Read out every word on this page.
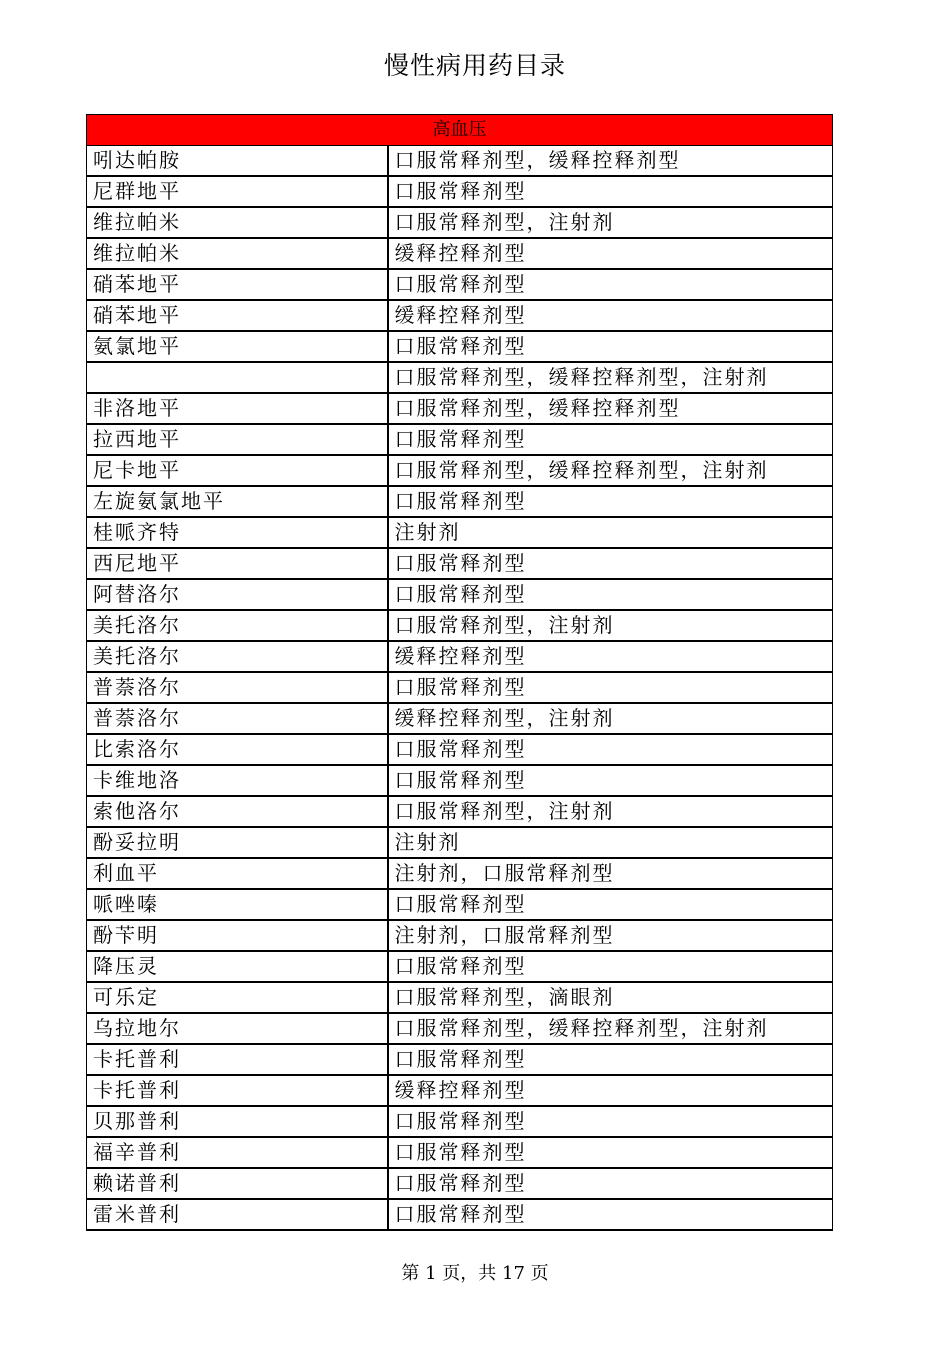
慢性病用药目录
高血压	
吲达帕胺	口服常释剂型，缓释控释剂型
尼群地平	口服常释剂型
维拉帕米	口服常释剂型，注射剂
维拉帕米	缓释控释剂型
硝苯地平	口服常释剂型
硝苯地平	缓释控释剂型
氨氯地平	口服常释剂型
	口服常释剂型，缓释控释剂型，注射剂
非洛地平	口服常释剂型，缓释控释剂型
拉西地平	口服常释剂型
尼卡地平	口服常释剂型，缓释控释剂型，注射剂
左旋氨氯地平	口服常释剂型
桂哌齐特	注射剂
西尼地平	口服常释剂型
阿替洛尔	口服常释剂型
美托洛尔	口服常释剂型，注射剂
美托洛尔	缓释控释剂型
普萘洛尔	口服常释剂型
普萘洛尔	缓释控释剂型，注射剂
比索洛尔	口服常释剂型
卡维地洛	口服常释剂型
索他洛尔	口服常释剂型，注射剂
酚妥拉明	注射剂
利血平	注射剂，口服常释剂型
哌唑嗪	口服常释剂型
酚苄明	注射剂，口服常释剂型
降压灵	口服常释剂型
可乐定	口服常释剂型，滴眼剂
乌拉地尔	口服常释剂型，缓释控释剂型，注射剂
卡托普利	口服常释剂型
卡托普利	缓释控释剂型
贝那普利	口服常释剂型
福辛普利	口服常释剂型
赖诺普利	口服常释剂型
雷米普利	口服常释剂型
第 1 页，共 17 页
